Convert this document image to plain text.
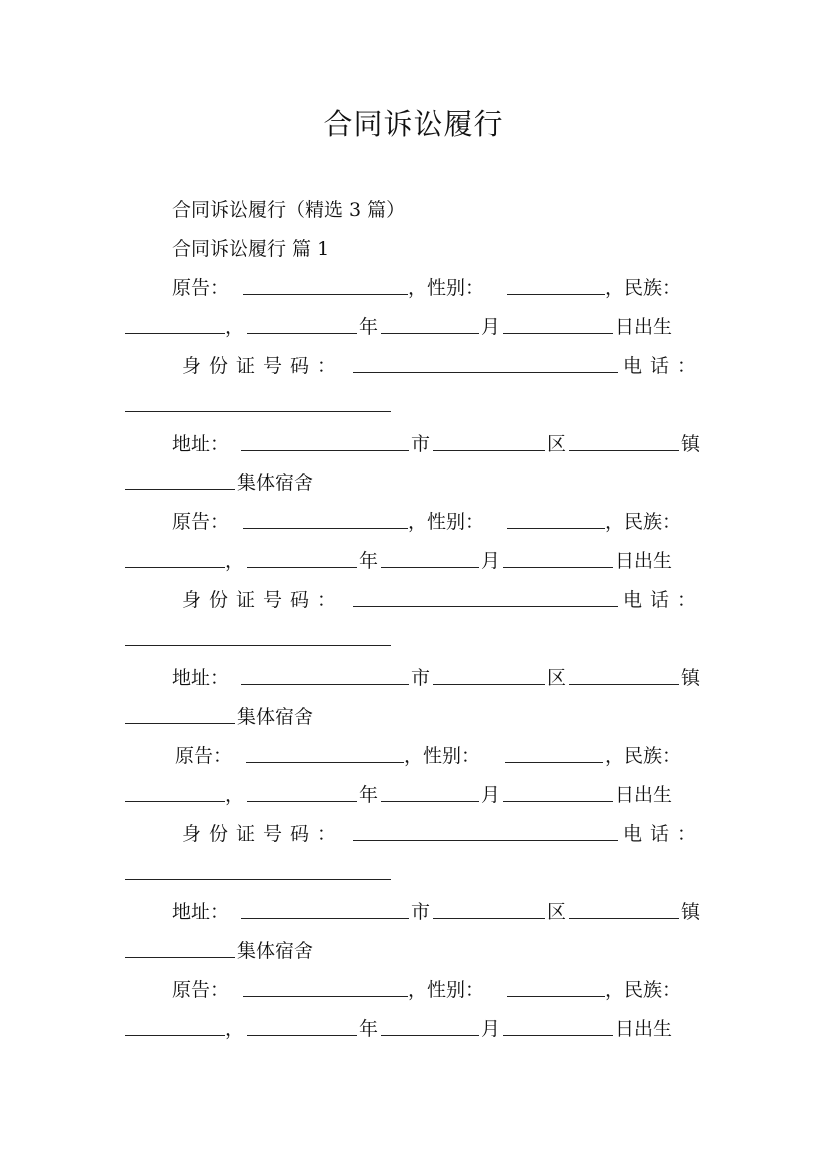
合同诉讼履行
合同诉讼履行（精选 3 篇）
合同诉讼履行 篇 1
原告：	，性别：	，民族：
，	年	月	日出生
身份证号码：	电话：
地址：	市	区	镇
集体宿舍
原告：	，性别：	，民族：
，	年	月	日出生
身份证号码：	电话：
地址：	市	区	镇
集体宿舍
原告：	，性别：	，民族：
，	年	月	日出生
身份证号码：	电话：
地址：	市	区	镇
集体宿舍
原告：	，性别：	，民族：
，	年	月	日出生
